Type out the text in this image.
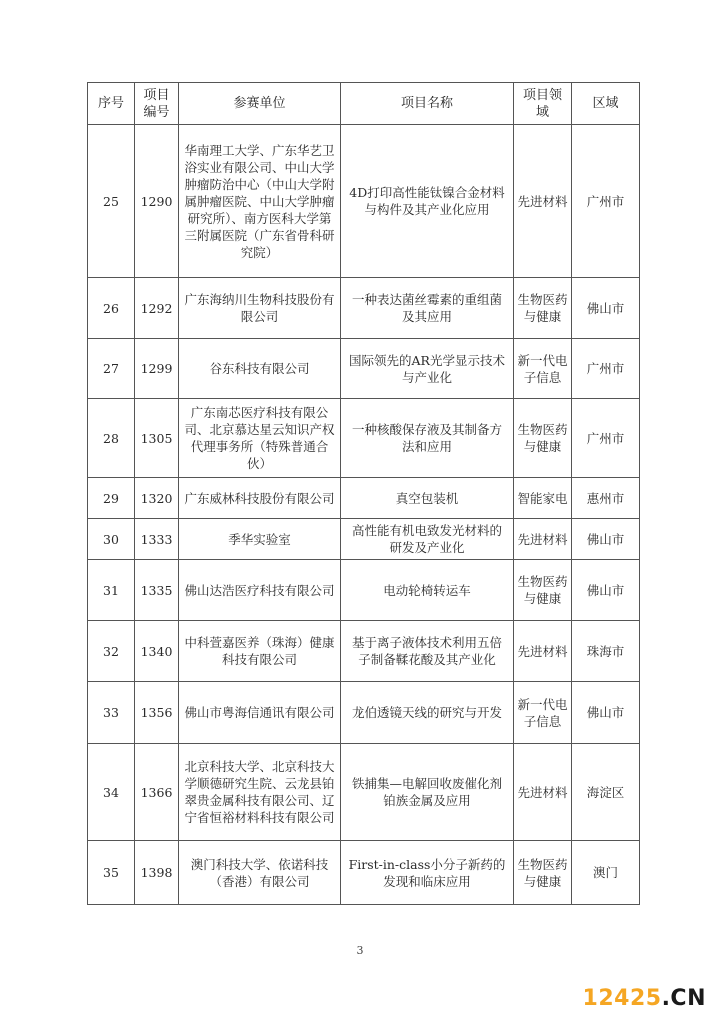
序号	项目编号	参赛单位	项目名称	项目领域	区域
25	1290	华南理工大学、广东华艺卫浴实业有限公司、中山大学肿瘤防治中心（中山大学附属肿瘤医院、中山大学肿瘤研究所）、南方医科大学第三附属医院（广东省骨科研究院）	4D打印高性能钛镍合金材料与构件及其产业化应用	先进材料	广州市
26	1292	广东海纳川生物科技股份有限公司	一种表达菌丝霉素的重组菌及其应用	生物医药与健康	佛山市
27	1299	谷东科技有限公司	国际领先的AR光学显示技术与产业化	新一代电子信息	广州市
28	1305	广东南芯医疗科技有限公司、北京慕达星云知识产权代理事务所（特殊普通合伙）	一种核酸保存液及其制备方法和应用	生物医药与健康	广州市
29	1320	广东威林科技股份有限公司	真空包装机	智能家电	惠州市
30	1333	季华实验室	高性能有机电致发光材料的研发及产业化	先进材料	佛山市
31	1335	佛山达浩医疗科技有限公司	电动轮椅转运车	生物医药与健康	佛山市
32	1340	中科萱嘉医养（珠海）健康科技有限公司	基于离子液体技术利用五倍子制备鞣花酸及其产业化	先进材料	珠海市
33	1356	佛山市粤海信通讯有限公司	龙伯透镜天线的研究与开发	新一代电子信息	佛山市
34	1366	北京科技大学、北京科技大学顺德研究生院、云龙县铂翠贵金属科技有限公司、辽宁省恒裕材料科技有限公司	铁捕集—电解回收废催化剂铂族金属及应用	先进材料	海淀区
35	1398	澳门科技大学、依诺科技（香港）有限公司	First-in-class小分子新药的发现和临床应用	生物医药与健康	澳门
3
12425.CN
